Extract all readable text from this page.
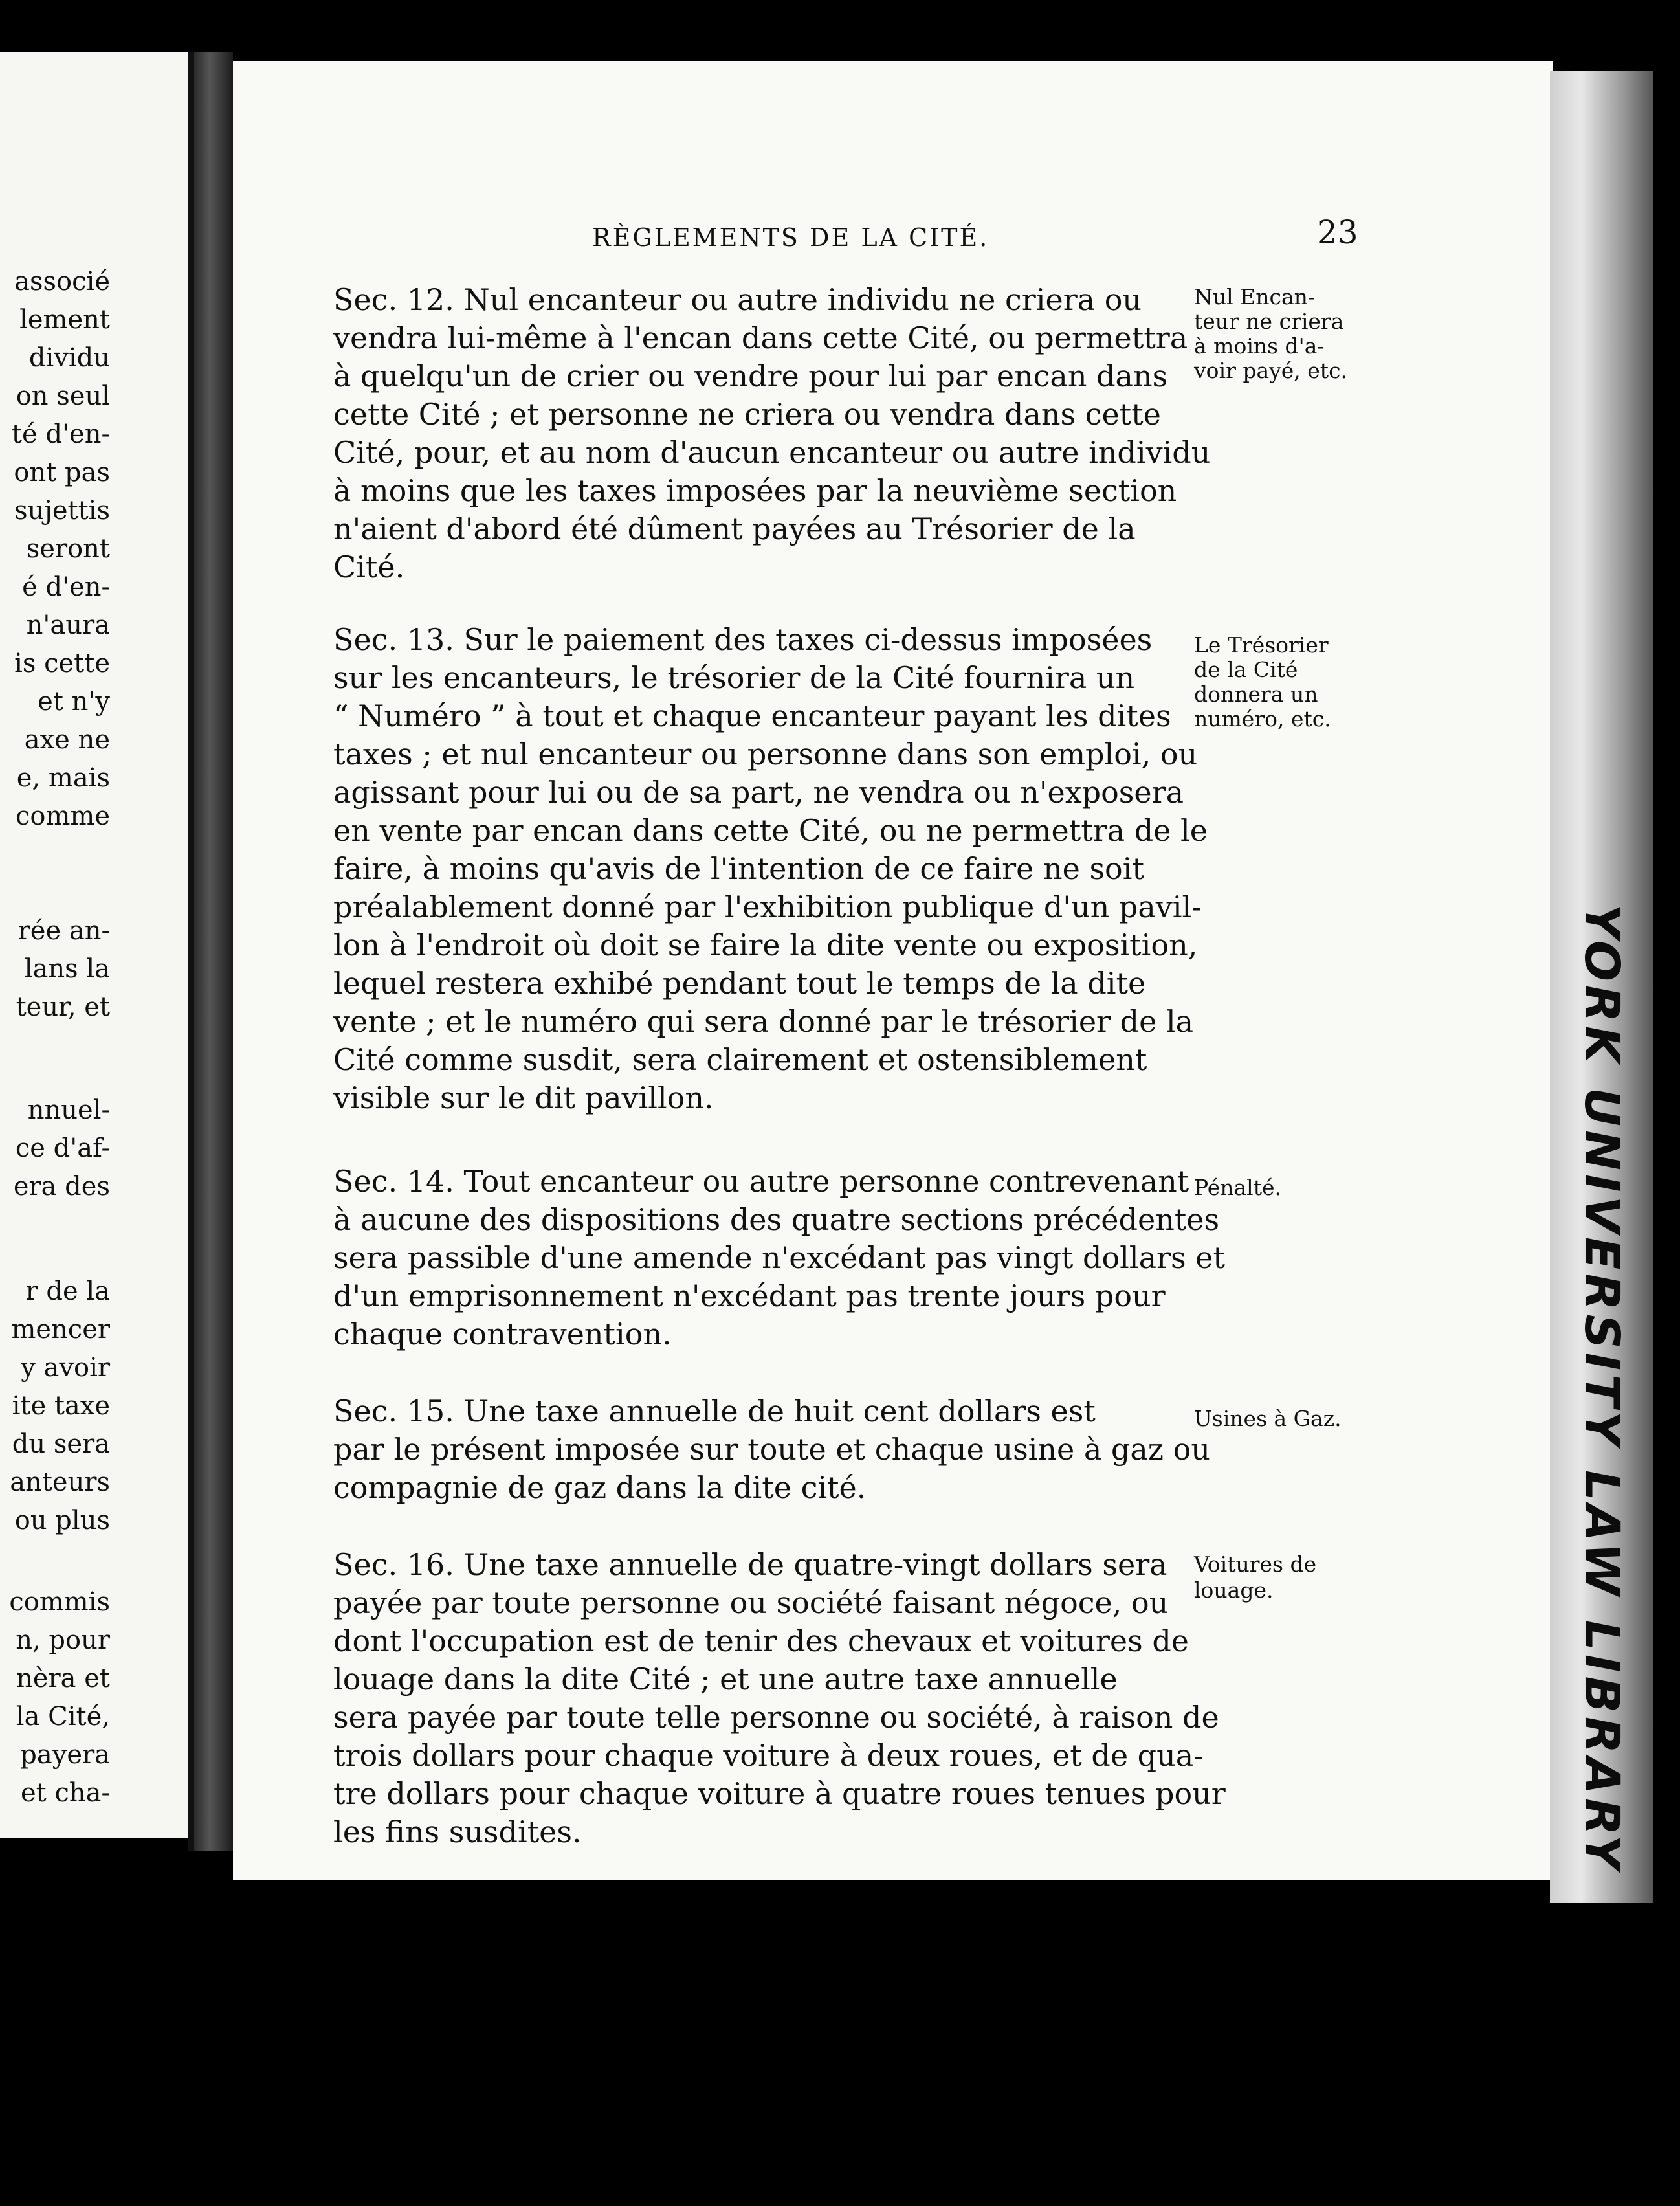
associé
lement
dividu
on seul
té d'en-
ont pas
sujettis
seront
é d'en-
n'aura
is cette
et n'y
axe ne
e, mais
comme
rée an-
lans la
teur, et
nnuel-
ce d'af-
era des
r de la
mencer
y avoir
ite taxe
du sera
anteurs
ou plus
commis
n, pour
nèra et
la Cité,
payera
et cha-	YORK UNIVERSITY LAW LIBRARY
RÈGLEMENTS DE LA CITÉ.	23
Sec. 12. Nul encanteur ou autre individu ne criera ou
vendra lui-même à l'encan dans cette Cité, ou permettra
à quelqu'un de crier ou vendre pour lui par encan dans
cette Cité ; et personne ne criera ou vendra dans cette
Cité, pour, et au nom d'aucun encanteur ou autre individu
à moins que les taxes imposées par la neuvième section
n'aient d'abord été dûment payées au Trésorier de la
Cité.
Nul Encan-
teur ne criera
à moins d'a-
voir payé, etc.
Sec. 13. Sur le paiement des taxes ci-dessus imposées
sur les encanteurs, le trésorier de la Cité fournira un
“ Numéro ” à tout et chaque encanteur payant les dites
taxes ; et nul encanteur ou personne dans son emploi, ou
agissant pour lui ou de sa part, ne vendra ou n'exposera
en vente par encan dans cette Cité, ou ne permettra de le
faire, à moins qu'avis de l'intention de ce faire ne soit
préalablement donné par l'exhibition publique d'un pavil-
lon à l'endroit où doit se faire la dite vente ou exposition,
lequel restera exhibé pendant tout le temps de la dite
vente ; et le numéro qui sera donné par le trésorier de la
Cité comme susdit, sera clairement et ostensiblement
visible sur le dit pavillon.
Le Trésorier
de la Cité
donnera un
numéro, etc.
Sec. 14. Tout encanteur ou autre personne contrevenant
à aucune des dispositions des quatre sections précédentes
sera passible d'une amende n'excédant pas vingt dollars et
d'un emprisonnement n'excédant pas trente jours pour
chaque contravention.
Pénalté.
Sec. 15. Une taxe annuelle de huit cent dollars est
par le présent imposée sur toute et chaque usine à gaz ou
compagnie de gaz dans la dite cité.
Usines à Gaz.
Sec. 16. Une taxe annuelle de quatre-vingt dollars sera
payée par toute personne ou société faisant négoce, ou
dont l'occupation est de tenir des chevaux et voitures de
louage dans la dite Cité ; et une autre taxe annuelle
sera payée par toute telle personne ou société, à raison de
trois dollars pour chaque voiture à deux roues, et de qua-
tre dollars pour chaque voiture à quatre roues tenues pour
les fins susdites.
Voitures de
louage.
